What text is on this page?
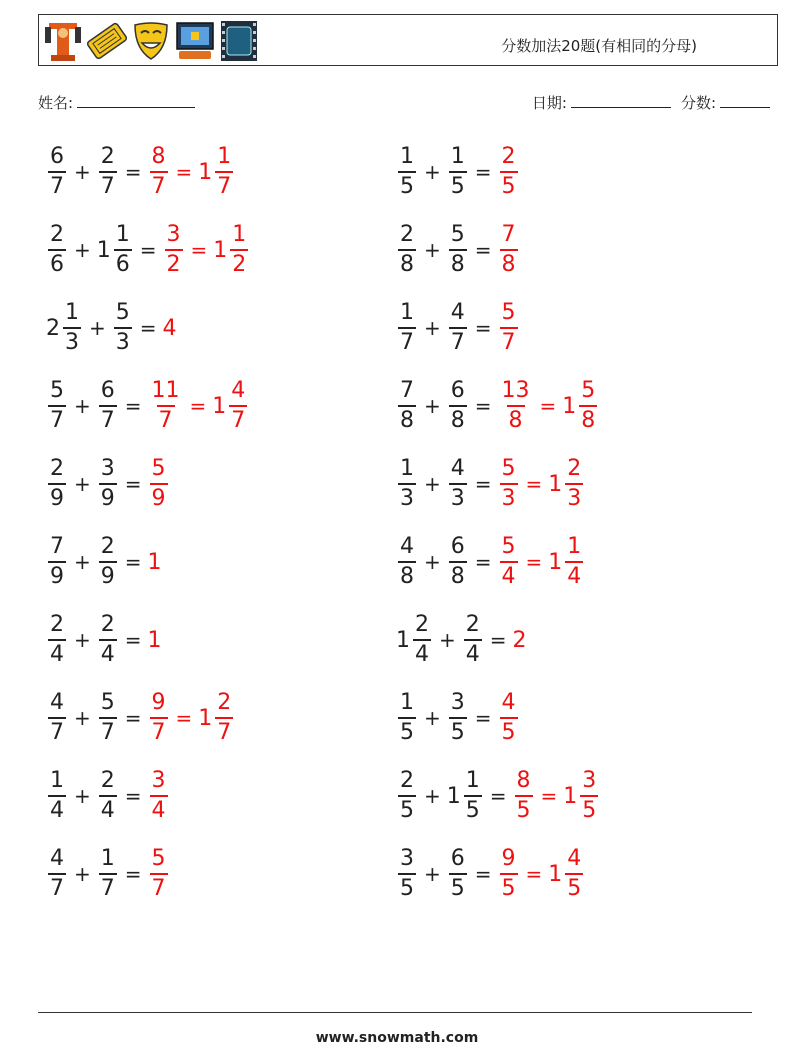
分数加法20题(有相同的分母)
姓名:	日期:	分数:
$\frac{6}{7} + \frac{2}{7} = \frac{8}{7} = 1 \frac{1}{7}$	$\frac{1}{5} + \frac{1}{5} = \frac{2}{5}$
$\frac{2}{6} + 1 \frac{1}{6} = \frac{3}{2} = 1 \frac{1}{2}$	$\frac{2}{8} + \frac{5}{8} = \frac{7}{8}$
$2 \frac{1}{3} + \frac{5}{3} = 4$	$\frac{1}{7} + \frac{4}{7} = \frac{5}{7}$
$\frac{5}{7} + \frac{6}{7} = \frac{11}{7} = 1 \frac{4}{7}$	$\frac{7}{8} + \frac{6}{8} = \frac{13}{8} = 1 \frac{5}{8}$
$\frac{2}{9} + \frac{3}{9} = \frac{5}{9}$	$\frac{1}{3} + \frac{4}{3} = \frac{5}{3} = 1 \frac{2}{3}$
$\frac{7}{9} + \frac{2}{9} = 1$	$\frac{4}{8} + \frac{6}{8} = \frac{5}{4} = 1 \frac{1}{4}$
$\frac{2}{4} + \frac{2}{4} = 1$	$1 \frac{2}{4} + \frac{2}{4} = 2$
$\frac{4}{7} + \frac{5}{7} = \frac{9}{7} = 1 \frac{2}{7}$	$\frac{1}{5} + \frac{3}{5} = \frac{4}{5}$
$\frac{1}{4} + \frac{2}{4} = \frac{3}{4}$	$\frac{2}{5} + 1 \frac{1}{5} = \frac{8}{5} = 1 \frac{3}{5}$
$\frac{4}{7} + \frac{1}{7} = \frac{5}{7}$	$\frac{3}{5} + \frac{6}{5} = \frac{9}{5} = 1 \frac{4}{5}$
www.snowmath.com
